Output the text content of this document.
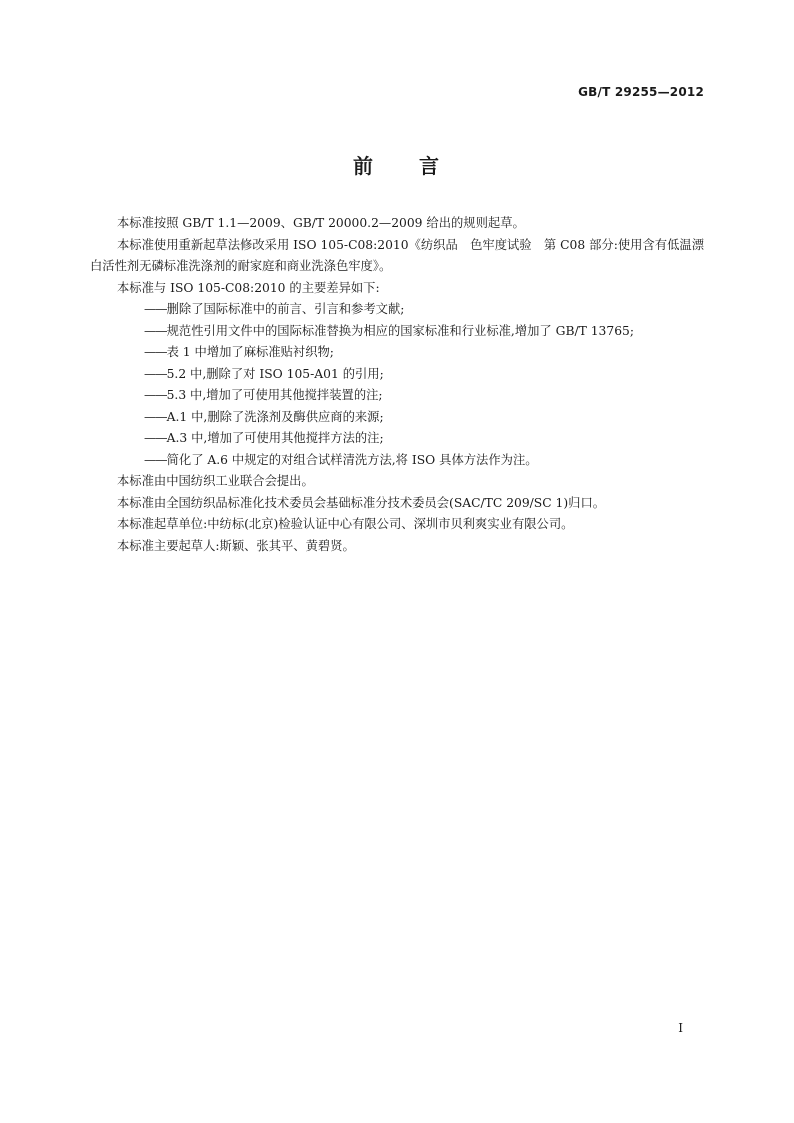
GB/T 29255—2012
前 言

本标准按照 GB/T 1.1—2009、GB/T 20000.2—2009 给出的规则起草。

本标准使用重新起草法修改采用 ISO 105-C08:2010《纺织品　色牢度试验　第 C08 部分:使用含有低温漂白活性剂无磷标准洗涤剂的耐家庭和商业洗涤色牢度》。

本标准与 ISO 105-C08:2010 的主要差异如下:

——删除了国际标准中的前言、引言和参考文献;

——规范性引用文件中的国际标准替换为相应的国家标准和行业标准,增加了 GB/T 13765;

——表 1 中增加了麻标准贴衬织物;

——5.2 中,删除了对 ISO 105-A01 的引用;

——5.3 中,增加了可使用其他搅拌装置的注;

——A.1 中,删除了洗涤剂及酶供应商的来源;

——A.3 中,增加了可使用其他搅拌方法的注;

——简化了 A.6 中规定的对组合试样清洗方法,将 ISO 具体方法作为注。

本标准由中国纺织工业联合会提出。

本标准由全国纺织品标准化技术委员会基础标准分技术委员会(SAC/TC 209/SC 1)归口。

本标准起草单位:中纺标(北京)检验认证中心有限公司、深圳市贝利爽实业有限公司。

本标准主要起草人:斯颖、张其平、黄碧贤。

I
